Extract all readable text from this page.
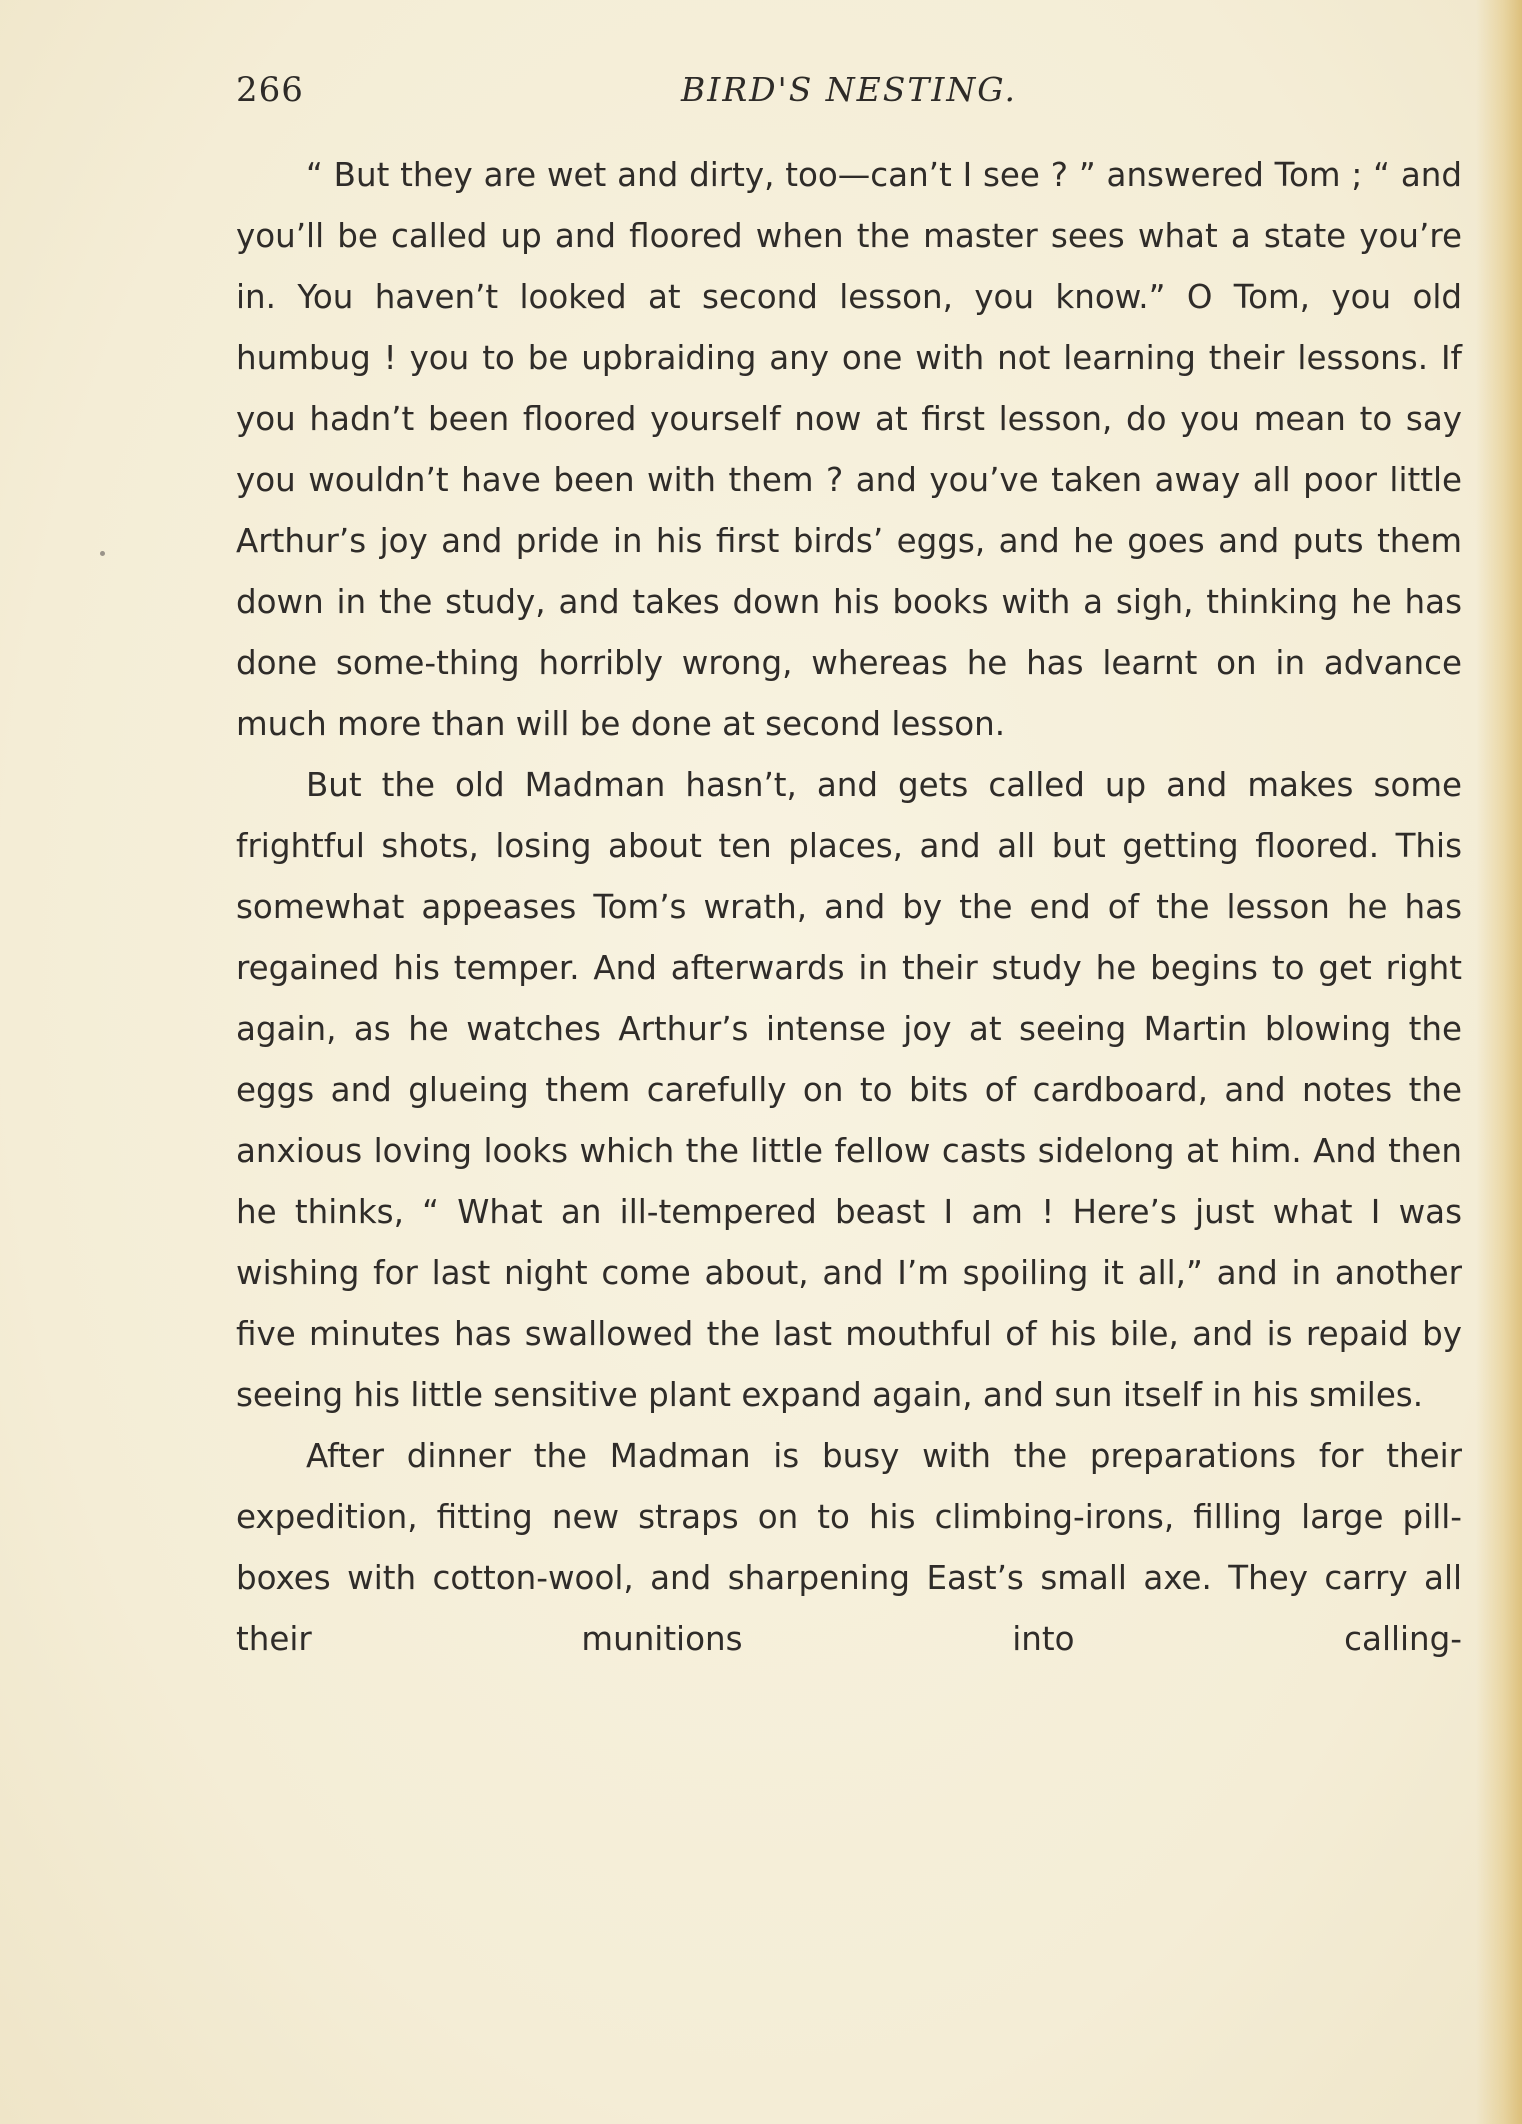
266	BIRD'S NESTING.

“ But they are wet and dirty, too—can’t I see ? ” answered Tom ; “ and you’ll be called up and floored when the master sees what a state you’re in. You haven’t looked at second lesson, you know.” O Tom, you old humbug ! you to be upbraiding any one with not learning their lessons. If you hadn’t been floored yourself now at first lesson, do you mean to say you wouldn’t have been with them ? and you’ve taken away all poor little Arthur’s joy and pride in his first birds’ eggs, and he goes and puts them down in the study, and takes down his books with a sigh, thinking he has done some-thing horribly wrong, whereas he has learnt on in advance much more than will be done at second lesson.

But the old Madman hasn’t, and gets called up and makes some frightful shots, losing about ten places, and all but getting floored. This somewhat appeases Tom’s wrath, and by the end of the lesson he has regained his temper. And afterwards in their study he begins to get right again, as he watches Arthur’s intense joy at seeing Martin blowing the eggs and glueing them carefully on to bits of cardboard, and notes the anxious loving looks which the little fellow casts sidelong at him. And then he thinks, “ What an ill-tempered beast I am ! Here’s just what I was wishing for last night come about, and I’m spoiling it all,” and in another five minutes has swallowed the last mouthful of his bile, and is repaid by seeing his little sensitive plant expand again, and sun itself in his smiles.

After dinner the Madman is busy with the preparations for their expedition, fitting new straps on to his climbing-irons, filling large pill-boxes with cotton-wool, and sharpening East’s small axe. They carry all their munitions into calling-
